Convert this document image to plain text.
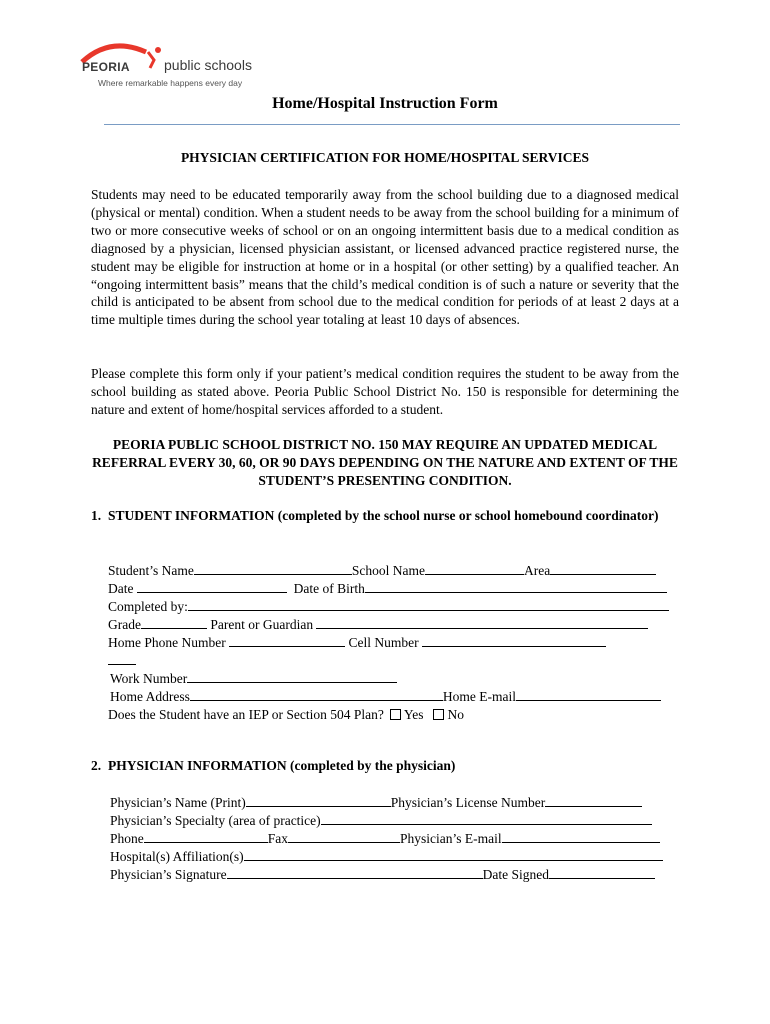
PEORIA public schools
Where remarkable happens every day
Home/Hospital Instruction Form
PHYSICIAN CERTIFICATION FOR HOME/HOSPITAL SERVICES
Students may need to be educated temporarily away from the school building due to a diagnosed medical (physical or mental) condition. When a student needs to be away from the school building for a minimum of two or more consecutive weeks of school or on an ongoing intermittent basis due to a medical condition as diagnosed by a physician, licensed physician assistant, or licensed advanced practice registered nurse, the student may be eligible for instruction at home or in a hospital (or other setting) by a qualified teacher. An “ongoing intermittent basis” means that the child’s medical condition is of such a nature or severity that the child is anticipated to be absent from school due to the medical condition for periods of at least 2 days at a time multiple times during the school year totaling at least 10 days of absences.
Please complete this form only if your patient’s medical condition requires the student to be away from the school building as stated above. Peoria Public School District No. 150 is responsible for determining the nature and extent of home/hospital services afforded to a student.
PEORIA PUBLIC SCHOOL DISTRICT NO. 150 MAY REQUIRE AN UPDATED MEDICAL REFERRAL EVERY 30, 60, OR 90 DAYS DEPENDING ON THE NATURE AND EXTENT OF THE STUDENT’S PRESENTING CONDITION.
1. STUDENT INFORMATION (completed by the school nurse or school homebound coordinator)
Student’s Name	School Name	Area
Date	Date of Birth
Completed by:
Grade	Parent or Guardian
Home Phone Number	Cell Number
Work Number
Home Address	Home E-mail
Does the Student have an IEP or Section 504 Plan? Yes No
2. PHYSICIAN INFORMATION (completed by the physician)
Physician’s Name (Print)	Physician’s License Number
Physician’s Specialty (area of practice)
Phone	Fax	Physician’s E-mail
Hospital(s) Affiliation(s)
Physician’s Signature	Date Signed
